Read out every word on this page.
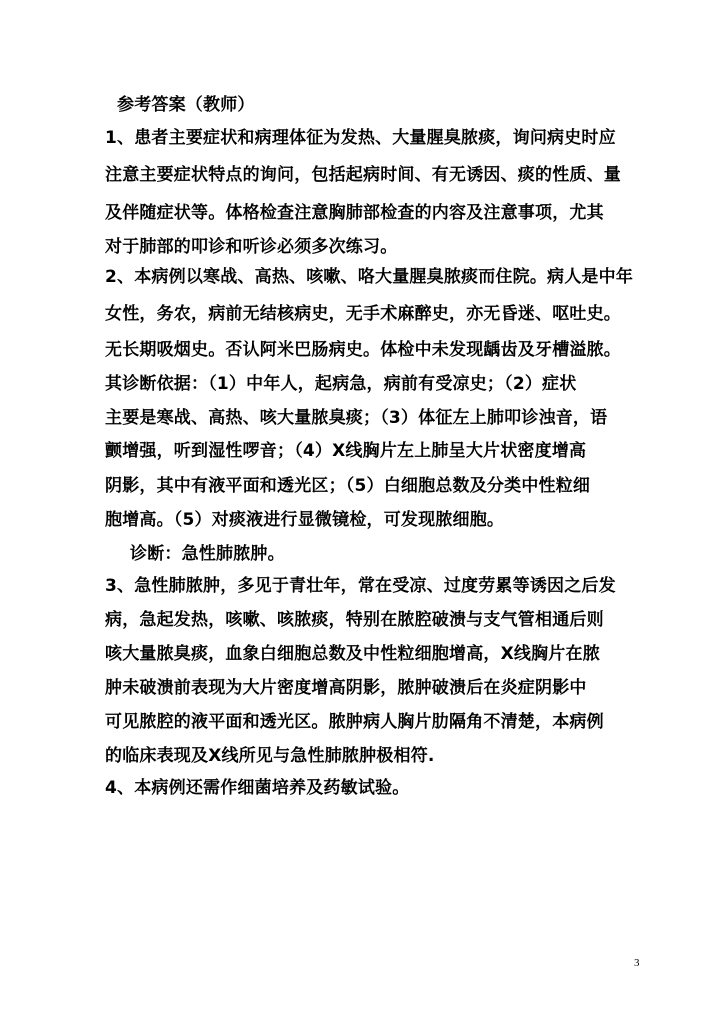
参考答案（教师）
1、患者主要症状和病理体征为发热、大量腥臭脓痰，询问病史时应
注意主要症状特点的询问，包括起病时间、有无诱因、痰的性质、量
及伴随症状等。体格检查注意胸肺部检查的内容及注意事项，尤其
对于肺部的叩诊和听诊必须多次练习。
2、本病例以寒战、高热、咳嗽、咯大量腥臭脓痰而住院。病人是中年
女性，务农，病前无结核病史，无手术麻醉史，亦无昏迷、呕吐史。
无长期吸烟史。否认阿米巴肠病史。体检中未发现龋齿及牙槽溢脓。
其诊断依据：（1）中年人，起病急，病前有受凉史；（2）症状
主要是寒战、高热、咳大量脓臭痰；（3）体征左上肺叩诊浊音，语
颤增强，听到湿性啰音；（4）X线胸片左上肺呈大片状密度增高
阴影，其中有液平面和透光区；（5）白细胞总数及分类中性粒细
胞增高。（5）对痰液进行显微镜检，可发现脓细胞。
诊断：急性肺脓肿。
3、急性肺脓肿，多见于青壮年，常在受凉、过度劳累等诱因之后发
病，急起发热，咳嗽、咳脓痰，特别在脓腔破溃与支气管相通后则
咳大量脓臭痰，血象白细胞总数及中性粒细胞增高，X线胸片在脓
肿未破溃前表现为大片密度增高阴影，脓肿破溃后在炎症阴影中
可见脓腔的液平面和透光区。脓肿病人胸片肋隔角不清楚，本病例
的临床表现及X线所见与急性肺脓肿极相符.
4、本病例还需作细菌培养及药敏试验。
3
